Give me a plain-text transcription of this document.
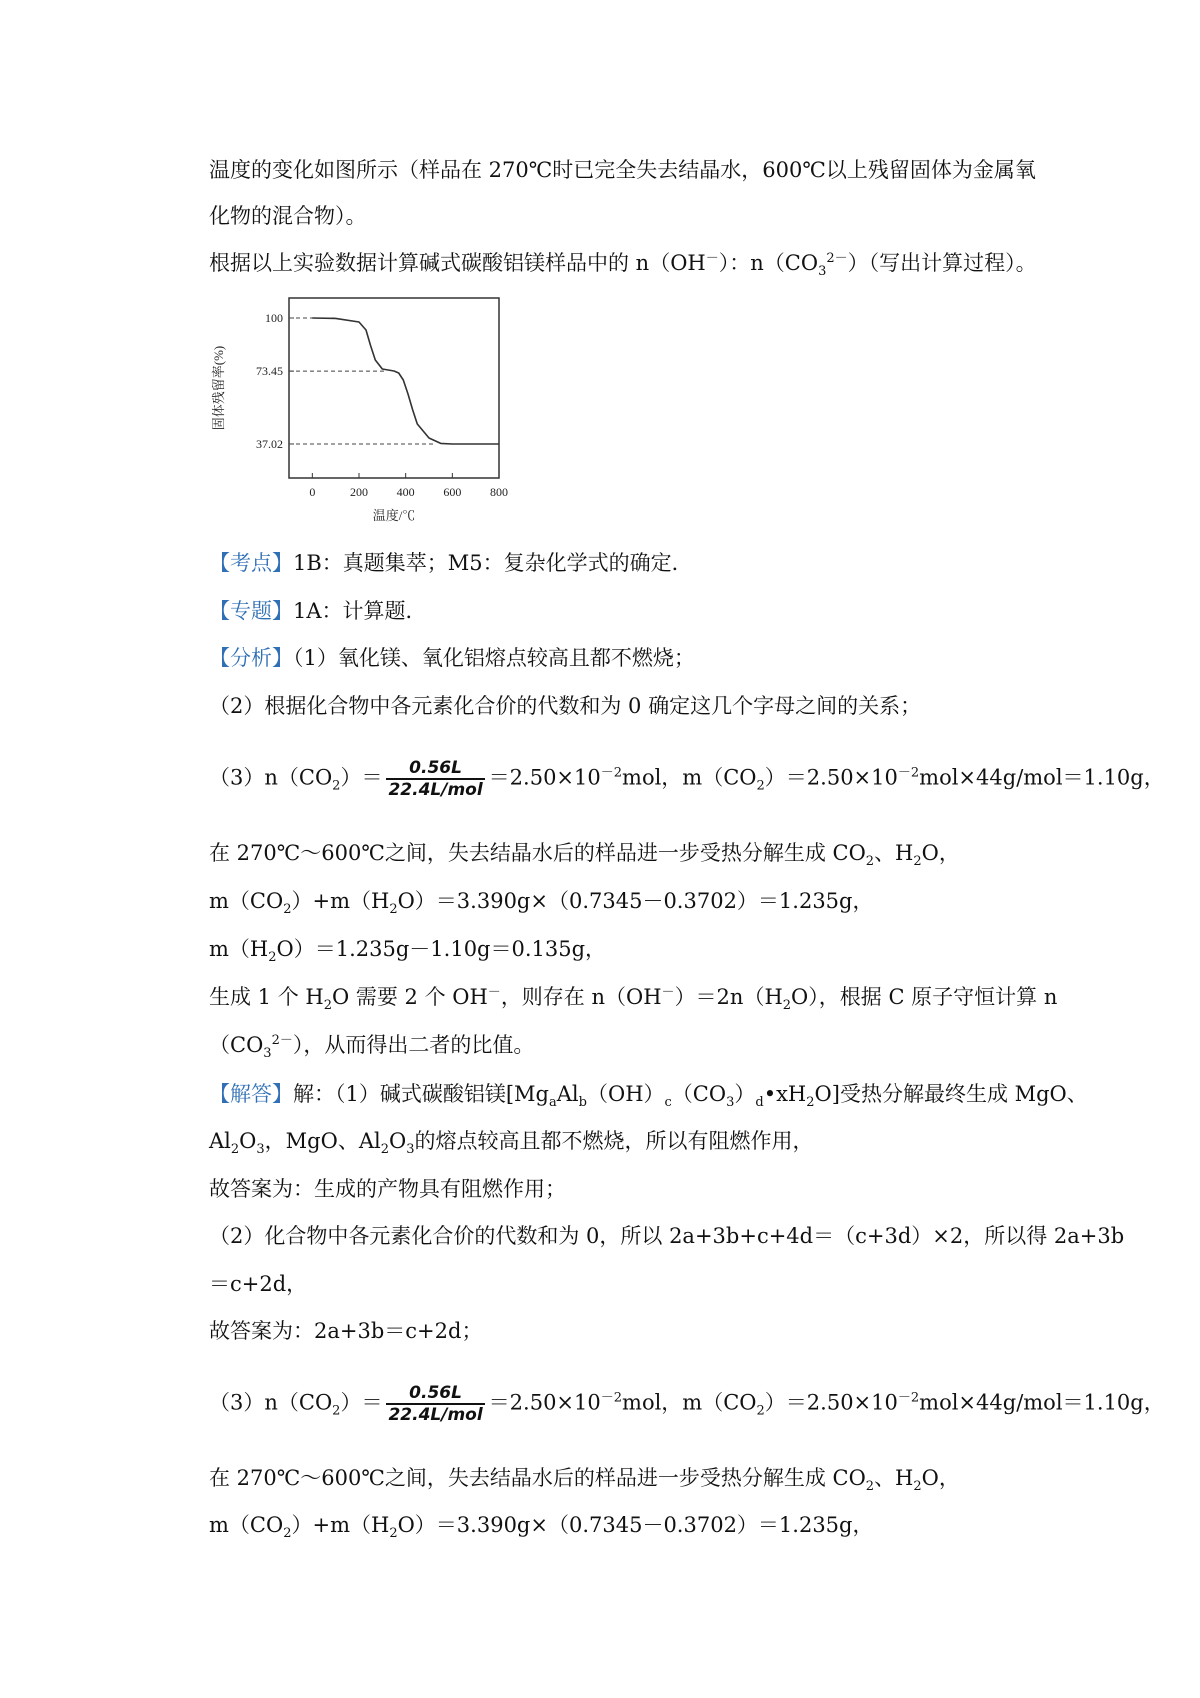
温度的变化如图所示（样品在 270℃时已完全失去结晶水，600℃以上残留固体为金属氧
化物的混合物）。
根据以上实验数据计算碱式碳酸铝镁样品中的 n（OH－）：$n(CO_3^{2-})$（写出计算过程）。
37.02
73.45
100
0	200 400 600 800
温度/℃
固体残留率(%)
【考点】1B：真题集萃；M5：复杂化学式的确定．
【专题】1A：计算题．
【分析】（1）氧化镁、氧化铝熔点较高且都不燃烧；
（2）根据化合物中各元素化合价的代数和为 0 确定这几个字母之间的关系；
$(3)n(CO_2)= \frac{0.56L}{\text{22.4L/mol}} =2.50\times 10^{-2}mol$，$m(CO_2)=2.50\times 10^{-2}mol\times 44g/mol=1.10g$，
在 270℃～600℃之间，失去结晶水后的样品进一步受热分解生成 $CO_2$、$H_2O$，
$m(CO_2)+m(H_2O)=3.390g\times(0.7345-0.3702)=1.235g$，
$m(H_2O)=1.235g-1.10g=0.135g$，
生成 1 个 $H_2O$ 需要 2 个 OH－，则存在 $n(OH^-)=2n(H_2O)$，根据 C 原子守恒计算 n
$(CO_3^{2-})$，从而得出二者的比值。
【解答】解：（1）碱式碳酸铝镁$[Mg_aAl_b(OH)_c(CO_3)_d•xH_2O]$受热分解最终生成 MgO、
$Al_2O_3$，MgO、$Al_2O_3$的熔点较高且都不燃烧，所以有阻燃作用，
故答案为：生成的产物具有阻燃作用；
（2）化合物中各元素化合价的代数和为 0，所以 2a+3b+c+4d＝（c+3d）×2，所以得 2a+3b
＝c+2d，
故答案为：2a+3b＝c+2d；
$(3)n(CO_2)= \frac{0.56L}{\text{22.4L/mol}} =2.50\times 10^{-2}mol$，$m(CO_2)=2.50\times 10^{-2}mol\times 44g/mol=1.10g$，
在 270℃～600℃之间，失去结晶水后的样品进一步受热分解生成 $CO_2$、$H_2O$，
$m(CO_2)+m(H_2O)=3.390g\times(0.7345-0.3702)=1.235g$，
